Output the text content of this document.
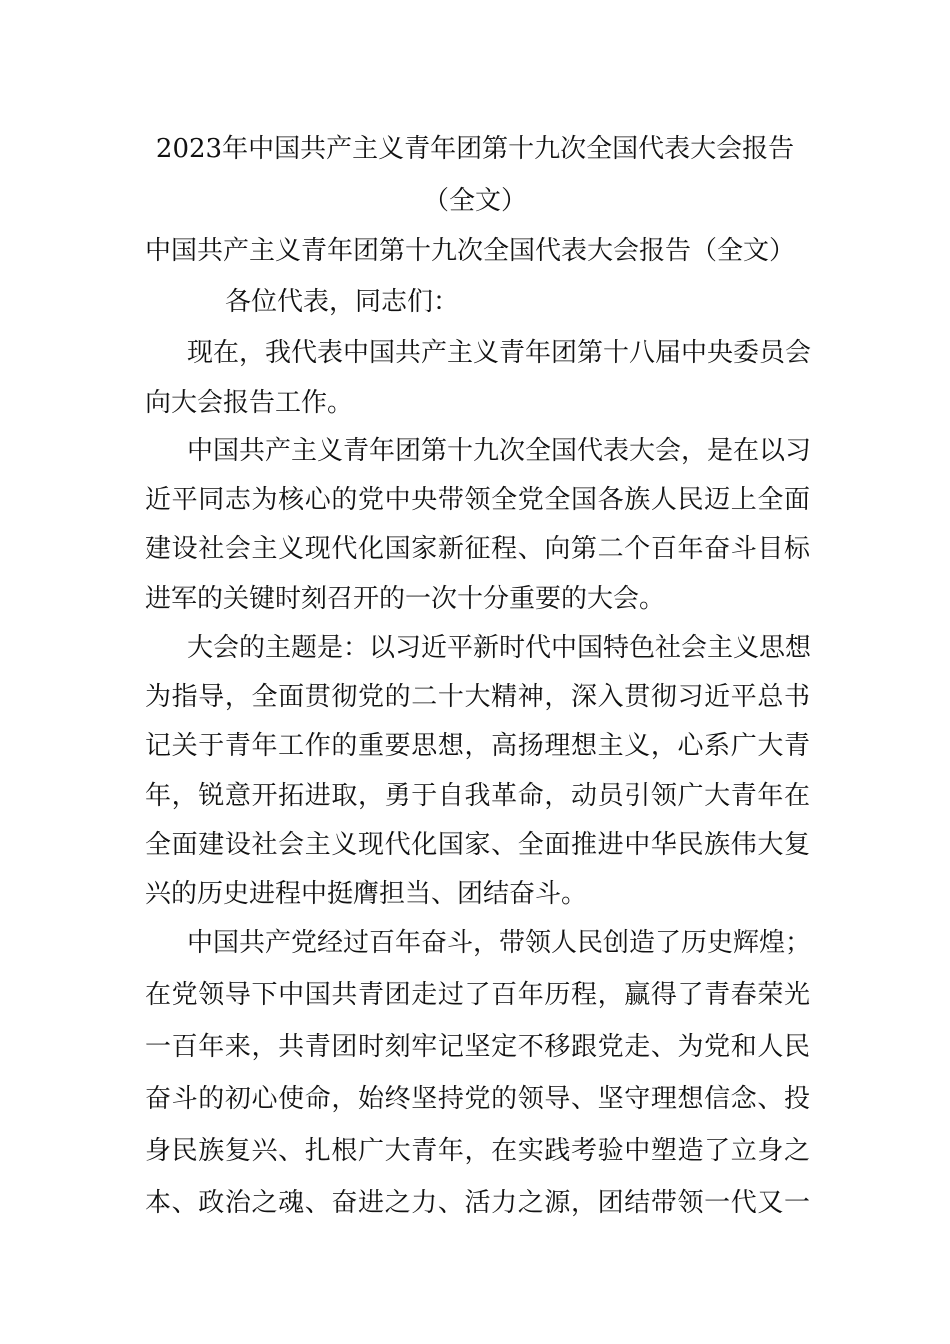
2023年中国共产主义青年团第十九次全国代表大会报告
（全文）
中国共产主义青年团第十九次全国代表大会报告（全文）
各位代表，同志们：
现在，我代表中国共产主义青年团第十八届中央委员会
向大会报告工作。
中国共产主义青年团第十九次全国代表大会，是在以习
近平同志为核心的党中央带领全党全国各族人民迈上全面
建设社会主义现代化国家新征程、向第二个百年奋斗目标
进军的关键时刻召开的一次十分重要的大会。
大会的主题是：以习近平新时代中国特色社会主义思想
为指导，全面贯彻党的二十大精神，深入贯彻习近平总书
记关于青年工作的重要思想，高扬理想主义，心系广大青
年，锐意开拓进取，勇于自我革命，动员引领广大青年在
全面建设社会主义现代化国家、全面推进中华民族伟大复
兴的历史进程中挺膺担当、团结奋斗。
中国共产党经过百年奋斗，带领人民创造了历史辉煌；
在党领导下中国共青团走过了百年历程，赢得了青春荣光
一百年来，共青团时刻牢记坚定不移跟党走、为党和人民
奋斗的初心使命，始终坚持党的领导、坚守理想信念、投
身民族复兴、扎根广大青年，在实践考验中塑造了立身之
本、政治之魂、奋进之力、活力之源，团结带领一代又一
